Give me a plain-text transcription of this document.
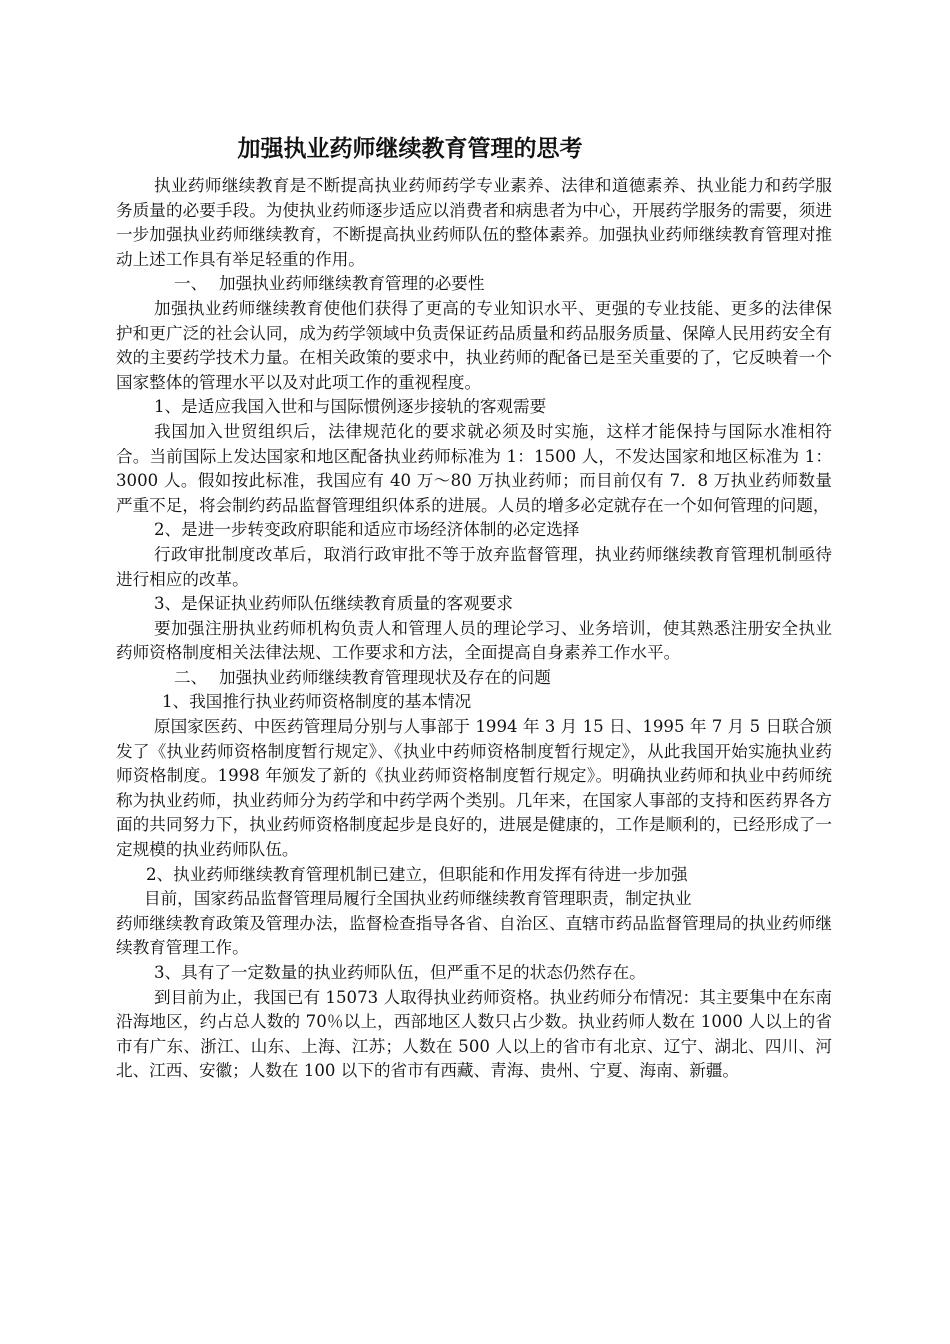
加强执业药师继续教育管理的思考

执业药师继续教育是不断提高执业药师药学专业素养、法律和道德素养、执业能力和药学服务质量的必要手段。为使执业药师逐步适应以消费者和病患者为中心，开展药学服务的需要，须进一步加强执业药师继续教育，不断提高执业药师队伍的整体素养。加强执业药师继续教育管理对推动上述工作具有举足轻重的作用。

一、 加强执业药师继续教育管理的必要性

加强执业药师继续教育使他们获得了更高的专业知识水平、更强的专业技能、更多的法律保护和更广泛的社会认同，成为药学领域中负责保证药品质量和药品服务质量、保障人民用药安全有效的主要药学技术力量。在相关政策的要求中，执业药师的配备已是至关重要的了，它反映着一个国家整体的管理水平以及对此项工作的重视程度。

1、是适应我国入世和与国际惯例逐步接轨的客观需要

我国加入世贸组织后，法律规范化的要求就必须及时实施，这样才能保持与国际水准相符合。当前国际上发达国家和地区配备执业药师标准为 1：1500 人，不发达国家和地区标准为 1：3000 人。假如按此标准，我国应有 40 万～80 万执业药师；而目前仅有 7．8 万执业药师数量严重不足，将会制约药品监督管理组织体系的进展。人员的增多必定就存在一个如何管理的问题，

2、是进一步转变政府职能和适应市场经济体制的必定选择

行政审批制度改革后，取消行政审批不等于放弃监督管理，执业药师继续教育管理机制亟待进行相应的改革。

3、是保证执业药师队伍继续教育质量的客观要求

要加强注册执业药师机构负责人和管理人员的理论学习、业务培训，使其熟悉注册安全执业药师资格制度相关法律法规、工作要求和方法，全面提高自身素养工作水平。

二、 加强执业药师继续教育管理现状及存在的问题

1、我国推行执业药师资格制度的基本情况

原国家医药、中医药管理局分别与人事部于 1994 年 3 月 15 日、1995 年 7 月 5 日联合颁发了《执业药师资格制度暂行规定》、《执业中药师资格制度暂行规定》，从此我国开始实施执业药师资格制度。1998 年颁发了新的《执业药师资格制度暂行规定》。明确执业药师和执业中药师统称为执业药师，执业药师分为药学和中药学两个类别。几年来，在国家人事部的支持和医药界各方面的共同努力下，执业药师资格制度起步是良好的，进展是健康的，工作是顺利的，已经形成了一定规模的执业药师队伍。

2、执业药师继续教育管理机制已建立，但职能和作用发挥有待进一步加强

目前，国家药品监督管理局履行全国执业药师继续教育管理职责，制定执业

药师继续教育政策及管理办法，监督检查指导各省、自治区、直辖市药品监督管理局的执业药师继续教育管理工作。

3、具有了一定数量的执业药师队伍，但严重不足的状态仍然存在。

到目前为止，我国已有 15073 人取得执业药师资格。执业药师分布情况：其主要集中在东南沿海地区，约占总人数的 70％以上，西部地区人数只占少数。执业药师人数在 1000 人以上的省市有广东、浙江、山东、上海、江苏；人数在 500 人以上的省市有北京、辽宁、湖北、四川、河北、江西、安徽；人数在 100 以下的省市有西藏、青海、贵州、宁夏、海南、新疆。
